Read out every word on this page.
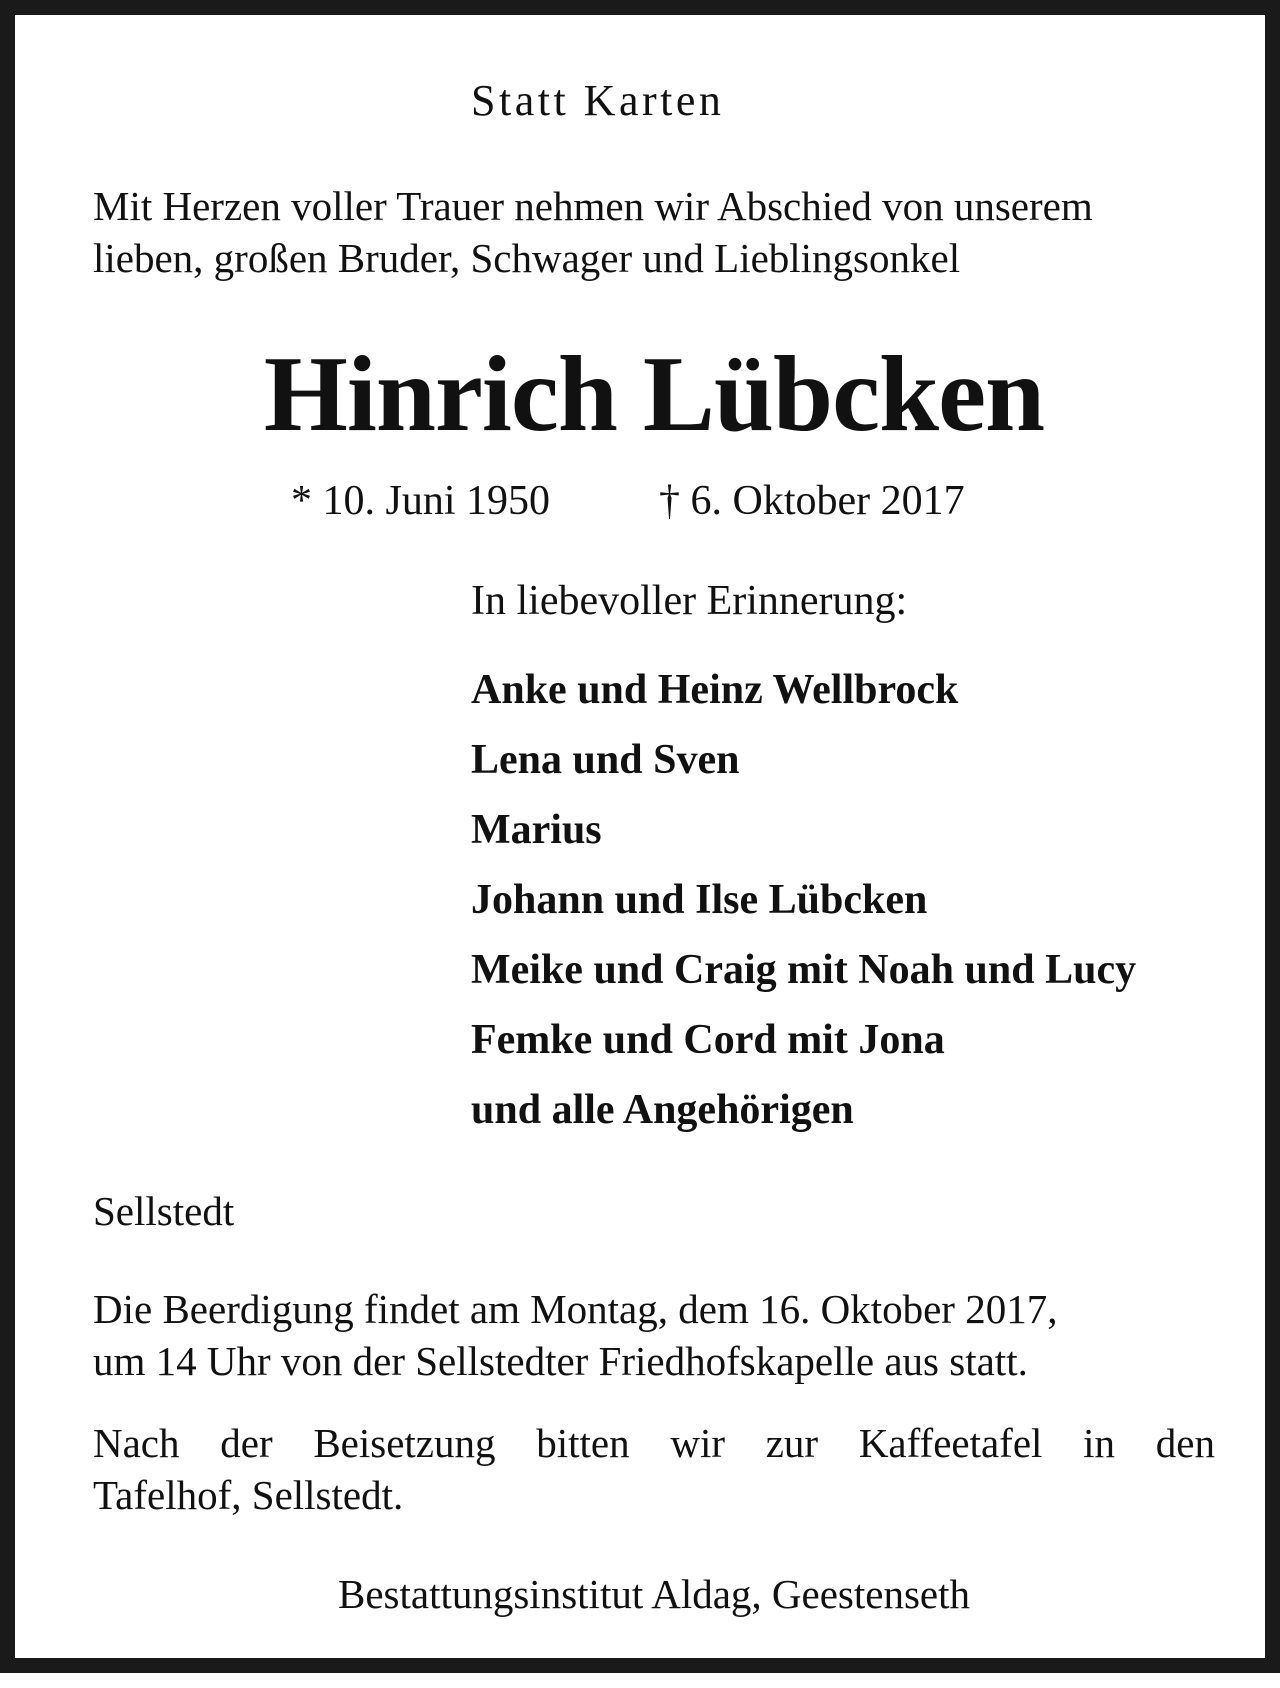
Statt Karten
Mit Herzen voller Trauer nehmen wir Abschied von unserem
lieben, großen Bruder, Schwager und Lieblingsonkel
Hinrich Lübcken
* 10. Juni 1950	† 6. Oktober 2017
In liebevoller Erinnerung:
Anke und Heinz Wellbrock
Lena und Sven
Marius
Johann und Ilse Lübcken
Meike und Craig mit Noah und Lucy
Femke und Cord mit Jona
und alle Angehörigen
Sellstedt
Die Beerdigung findet am Montag, dem 16. Oktober 2017,
um 14 Uhr von der Sellstedter Friedhofskapelle aus statt.
Nach der Beisetzung bitten wir zur Kaffeetafel in den
Tafelhof, Sellstedt.
Bestattungsinstitut Aldag, Geestenseth
